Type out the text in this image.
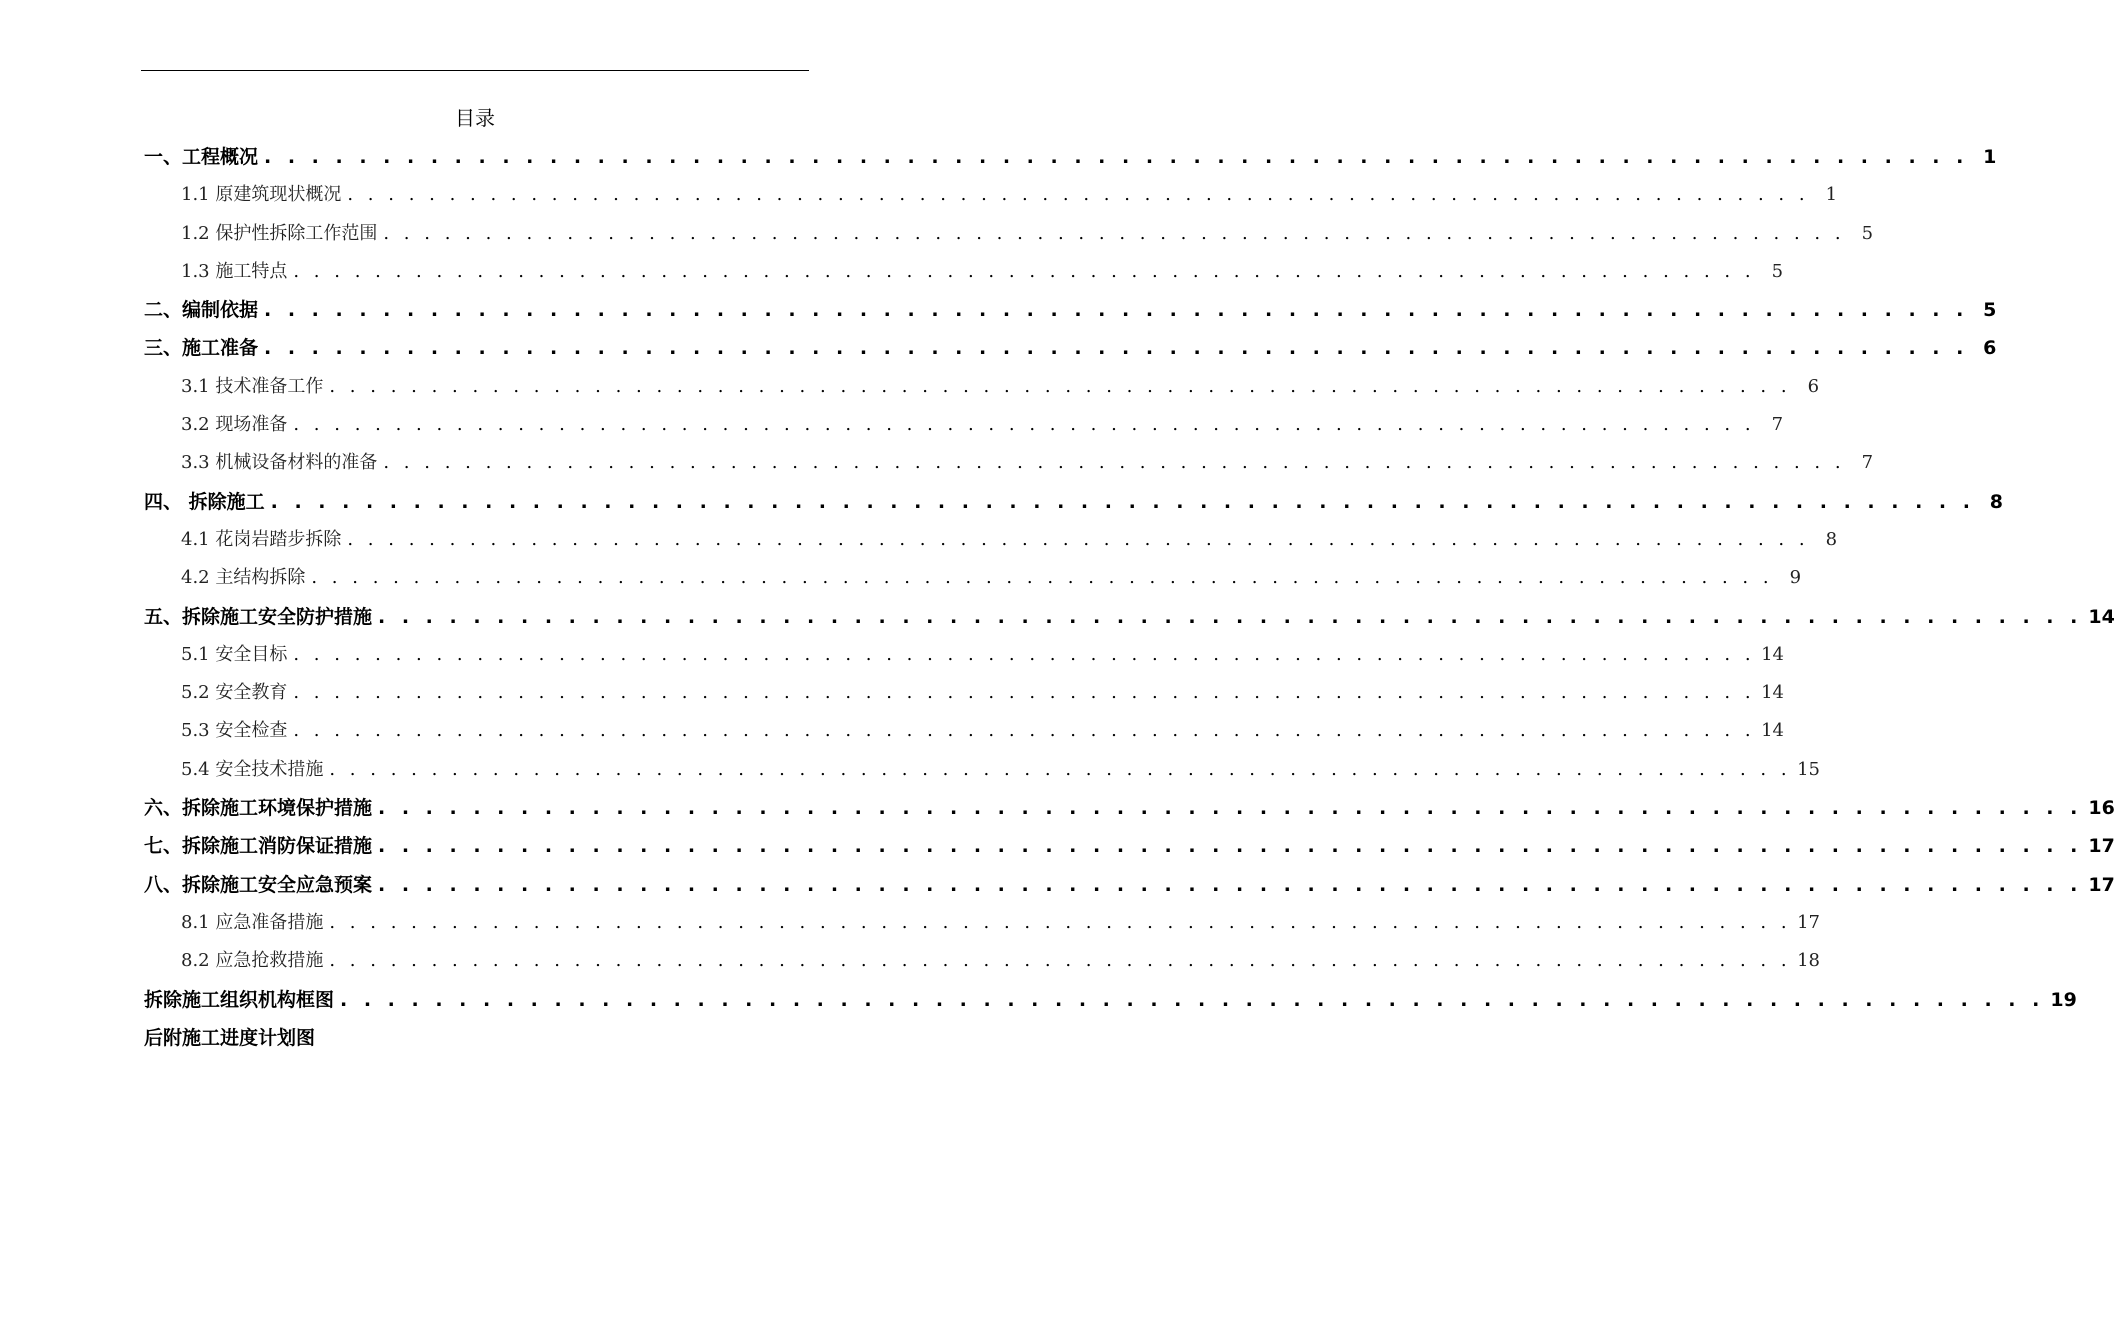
目录
一、工程概况 . . . . . . . . . . . . . . . . . . . . . . . . . . . . . . . . . . . . . . . . . . . . . . . . . . . . . . . . . . . . . . . . . . . . . . . . 1
1.1 原建筑现状概况 . . . . . . . . . . . . . . . . . . . . . . . . . . . . . . . . . . . . . . . . . . . . . . . . . . . . . . . . . . . . . . . . . . . . . . . . 1
1.2 保护性拆除工作范围 . . . . . . . . . . . . . . . . . . . . . . . . . . . . . . . . . . . . . . . . . . . . . . . . . . . . . . . . . . . . . . . . . . . . . . . . 5
1.3 施工特点 . . . . . . . . . . . . . . . . . . . . . . . . . . . . . . . . . . . . . . . . . . . . . . . . . . . . . . . . . . . . . . . . . . . . . . . . 5
二、编制依据 . . . . . . . . . . . . . . . . . . . . . . . . . . . . . . . . . . . . . . . . . . . . . . . . . . . . . . . . . . . . . . . . . . . . . . . . 5
三、施工准备 . . . . . . . . . . . . . . . . . . . . . . . . . . . . . . . . . . . . . . . . . . . . . . . . . . . . . . . . . . . . . . . . . . . . . . . . 6
3.1 技术准备工作 . . . . . . . . . . . . . . . . . . . . . . . . . . . . . . . . . . . . . . . . . . . . . . . . . . . . . . . . . . . . . . . . . . . . . . . . 6
3.2 现场准备 . . . . . . . . . . . . . . . . . . . . . . . . . . . . . . . . . . . . . . . . . . . . . . . . . . . . . . . . . . . . . . . . . . . . . . . . 7
3.3 机械设备材料的准备 . . . . . . . . . . . . . . . . . . . . . . . . . . . . . . . . . . . . . . . . . . . . . . . . . . . . . . . . . . . . . . . . . . . . . . . . 7
四、 拆除施工 . . . . . . . . . . . . . . . . . . . . . . . . . . . . . . . . . . . . . . . . . . . . . . . . . . . . . . . . . . . . . . . . . . . . . . . . 8
4.1 花岗岩踏步拆除 . . . . . . . . . . . . . . . . . . . . . . . . . . . . . . . . . . . . . . . . . . . . . . . . . . . . . . . . . . . . . . . . . . . . . . . . 8
4.2 主结构拆除 . . . . . . . . . . . . . . . . . . . . . . . . . . . . . . . . . . . . . . . . . . . . . . . . . . . . . . . . . . . . . . . . . . . . . . . . 9
五、拆除施工安全防护措施 . . . . . . . . . . . . . . . . . . . . . . . . . . . . . . . . . . . . . . . . . . . . . . . . . . . . . . . . . . . . . . . . . . . . . . . . 14
5.1 安全目标 . . . . . . . . . . . . . . . . . . . . . . . . . . . . . . . . . . . . . . . . . . . . . . . . . . . . . . . . . . . . . . . . . . . . . . . . 14
5.2 安全教育 . . . . . . . . . . . . . . . . . . . . . . . . . . . . . . . . . . . . . . . . . . . . . . . . . . . . . . . . . . . . . . . . . . . . . . . . 14
5.3 安全检查 . . . . . . . . . . . . . . . . . . . . . . . . . . . . . . . . . . . . . . . . . . . . . . . . . . . . . . . . . . . . . . . . . . . . . . . . 14
5.4 安全技术措施 . . . . . . . . . . . . . . . . . . . . . . . . . . . . . . . . . . . . . . . . . . . . . . . . . . . . . . . . . . . . . . . . . . . . . . . . 15
六、拆除施工环境保护措施 . . . . . . . . . . . . . . . . . . . . . . . . . . . . . . . . . . . . . . . . . . . . . . . . . . . . . . . . . . . . . . . . . . . . . . . . 16
七、拆除施工消防保证措施 . . . . . . . . . . . . . . . . . . . . . . . . . . . . . . . . . . . . . . . . . . . . . . . . . . . . . . . . . . . . . . . . . . . . . . . . 17
八、拆除施工安全应急预案 . . . . . . . . . . . . . . . . . . . . . . . . . . . . . . . . . . . . . . . . . . . . . . . . . . . . . . . . . . . . . . . . . . . . . . . . 17
8.1 应急准备措施 . . . . . . . . . . . . . . . . . . . . . . . . . . . . . . . . . . . . . . . . . . . . . . . . . . . . . . . . . . . . . . . . . . . . . . . . 17
8.2 应急抢救措施 . . . . . . . . . . . . . . . . . . . . . . . . . . . . . . . . . . . . . . . . . . . . . . . . . . . . . . . . . . . . . . . . . . . . . . . . 18
拆除施工组织机构框图 . . . . . . . . . . . . . . . . . . . . . . . . . . . . . . . . . . . . . . . . . . . . . . . . . . . . . . . . . . . . . . . . . . . . . . . . 19
后附施工进度计划图
